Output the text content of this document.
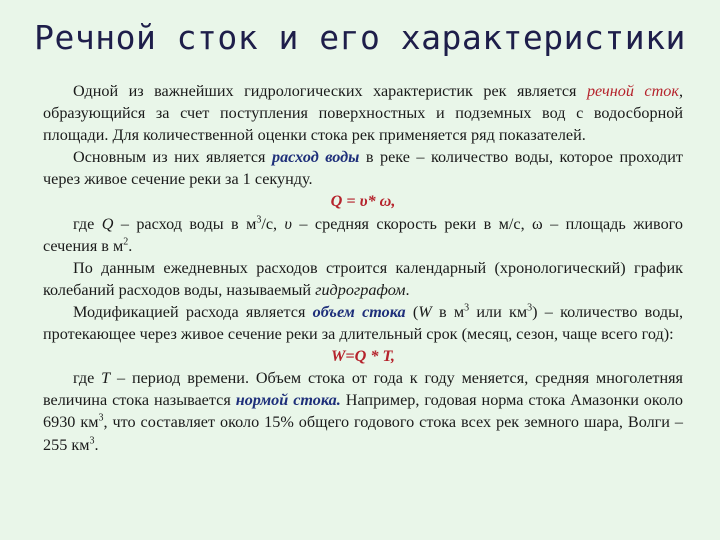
Речной сток и его характеристики

Одной из важнейших гидрологических характеристик рек является речной сток, образующийся за счет поступления поверхностных и подземных вод с водосборной площади. Для количественной оценки стока рек применяется ряд показателей.

Основным из них является расход воды в реке – количество воды, которое проходит через живое сечение реки за 1 секунду.

Q = υ* ω,

где Q – расход воды в $м^3/с$, υ – средняя скорость реки в м/с, ω – площадь живого сечения в $м^2$.

По данным ежедневных расходов строится календарный (хронологический) график колебаний расходов воды, называемый гидрографом.

Модификацией расхода является объем стока (W в $м^3$ или $км^3$) – количество воды, протекающее через живое сечение реки за длительный срок (месяц, сезон, чаще всего год):

W=Q * T,

где T – период времени. Объем стока от года к году меняется, средняя многолетняя величина стока называется нормой стока. Например, годовая норма стока Амазонки около 6930 $км^3$, что составляет около 15% общего годового стока всех рек земного шара, Волги – 255 $км^3$.
